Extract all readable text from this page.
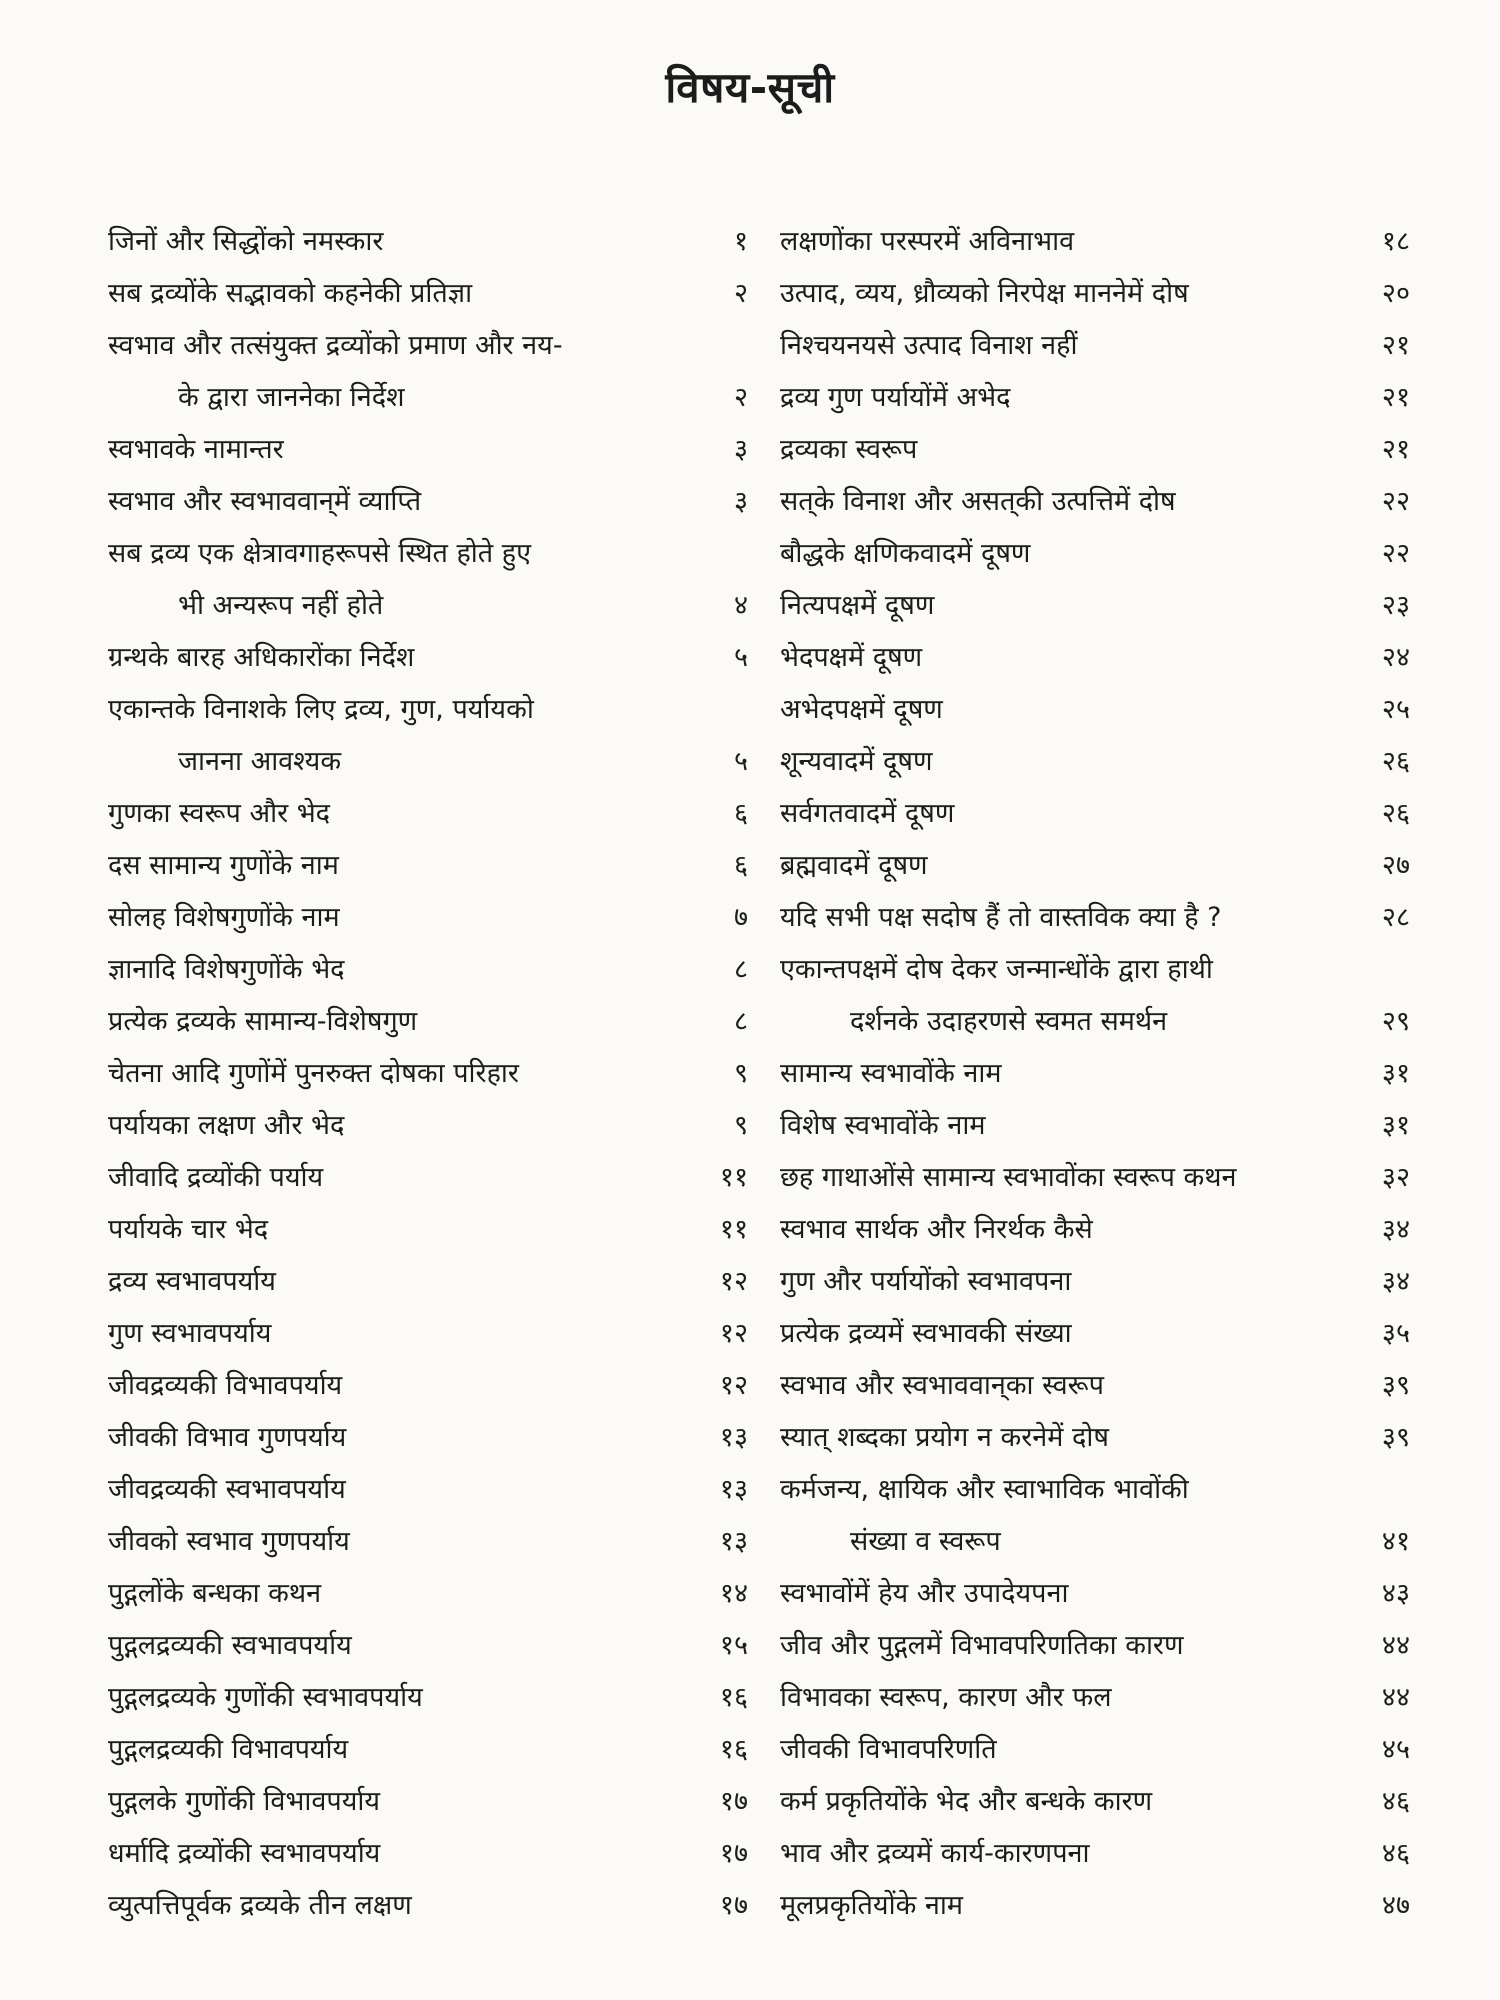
विषय-सूची
जिनों और सिद्धोंको नमस्कार	१
सब द्रव्योंके सद्भावको कहनेकी प्रतिज्ञा	२
स्वभाव और तत्संयुक्त द्रव्योंको प्रमाण और नय-
के द्वारा जाननेका निर्देश	२
स्वभावके नामान्तर	३
स्वभाव और स्वभाववान्‌में व्याप्ति	३
सब द्रव्य एक क्षेत्रावगाहरूपसे स्थित होते हुए
भी अन्यरूप नहीं होते	४
ग्रन्थके बारह अधिकारोंका निर्देश	५
एकान्तके विनाशके लिए द्रव्य, गुण, पर्यायको
जानना आवश्यक	५
गुणका स्वरूप और भेद	६
दस सामान्य गुणोंके नाम	६
सोलह विशेषगुणोंके नाम	७
ज्ञानादि विशेषगुणोंके भेद	८
प्रत्येक द्रव्यके सामान्य-विशेषगुण	८
चेतना आदि गुणोंमें पुनरुक्त दोषका परिहार	९
पर्यायका लक्षण और भेद	९
जीवादि द्रव्योंकी पर्याय	११
पर्यायके चार भेद	११
द्रव्य स्वभावपर्याय	१२
गुण स्वभावपर्याय	१२
जीवद्रव्यकी विभावपर्याय	१२
जीवकी विभाव गुणपर्याय	१३
जीवद्रव्यकी स्वभावपर्याय	१३
जीवको स्वभाव गुणपर्याय	१३
पुद्गलोंके बन्धका कथन	१४
पुद्गलद्रव्यकी स्वभावपर्याय	१५
पुद्गलद्रव्यके गुणोंकी स्वभावपर्याय	१६
पुद्गलद्रव्यकी विभावपर्याय	१६
पुद्गलके गुणोंकी विभावपर्याय	१७
धर्मादि द्रव्योंकी स्वभावपर्याय	१७
व्युत्पत्तिपूर्वक द्रव्यके तीन लक्षण	१७
लक्षणोंका परस्परमें अविनाभाव	१८
उत्पाद, व्यय, ध्रौव्यको निरपेक्ष माननेमें दोष	२०
निश्चयनयसे उत्पाद विनाश नहीं	२१
द्रव्य गुण पर्यायोंमें अभेद	२१
द्रव्यका स्वरूप	२१
सत्‌के विनाश और असत्‌की उत्पत्तिमें दोष	२२
बौद्धके क्षणिकवादमें दूषण	२२
नित्यपक्षमें दूषण	२३
भेदपक्षमें दूषण	२४
अभेदपक्षमें दूषण	२५
शून्यवादमें दूषण	२६
सर्वगतवादमें दूषण	२६
ब्रह्मवादमें दूषण	२७
यदि सभी पक्ष सदोष हैं तो वास्तविक क्या है ?	२८
एकान्तपक्षमें दोष देकर जन्मान्धोंके द्वारा हाथी
दर्शनके उदाहरणसे स्वमत समर्थन	२९
सामान्य स्वभावोंके नाम	३१
विशेष स्वभावोंके नाम	३१
छह गाथाओंसे सामान्य स्वभावोंका स्वरूप कथन	३२
स्वभाव सार्थक और निरर्थक कैसे	३४
गुण और पर्यायोंको स्वभावपना	३४
प्रत्येक द्रव्यमें स्वभावकी संख्या	३५
स्वभाव और स्वभाववान्‌का स्वरूप	३९
स्यात् शब्दका प्रयोग न करनेमें दोष	३९
कर्मजन्य, क्षायिक और स्वाभाविक भावोंकी
संख्या व स्वरूप	४१
स्वभावोंमें हेय और उपादेयपना	४३
जीव और पुद्गलमें विभावपरिणतिका कारण	४४
विभावका स्वरूप, कारण और फल	४४
जीवकी विभावपरिणति	४५
कर्म प्रकृतियोंके भेद और बन्धके कारण	४६
भाव और द्रव्यमें कार्य-कारणपना	४६
मूलप्रकृतियोंके नाम	४७
